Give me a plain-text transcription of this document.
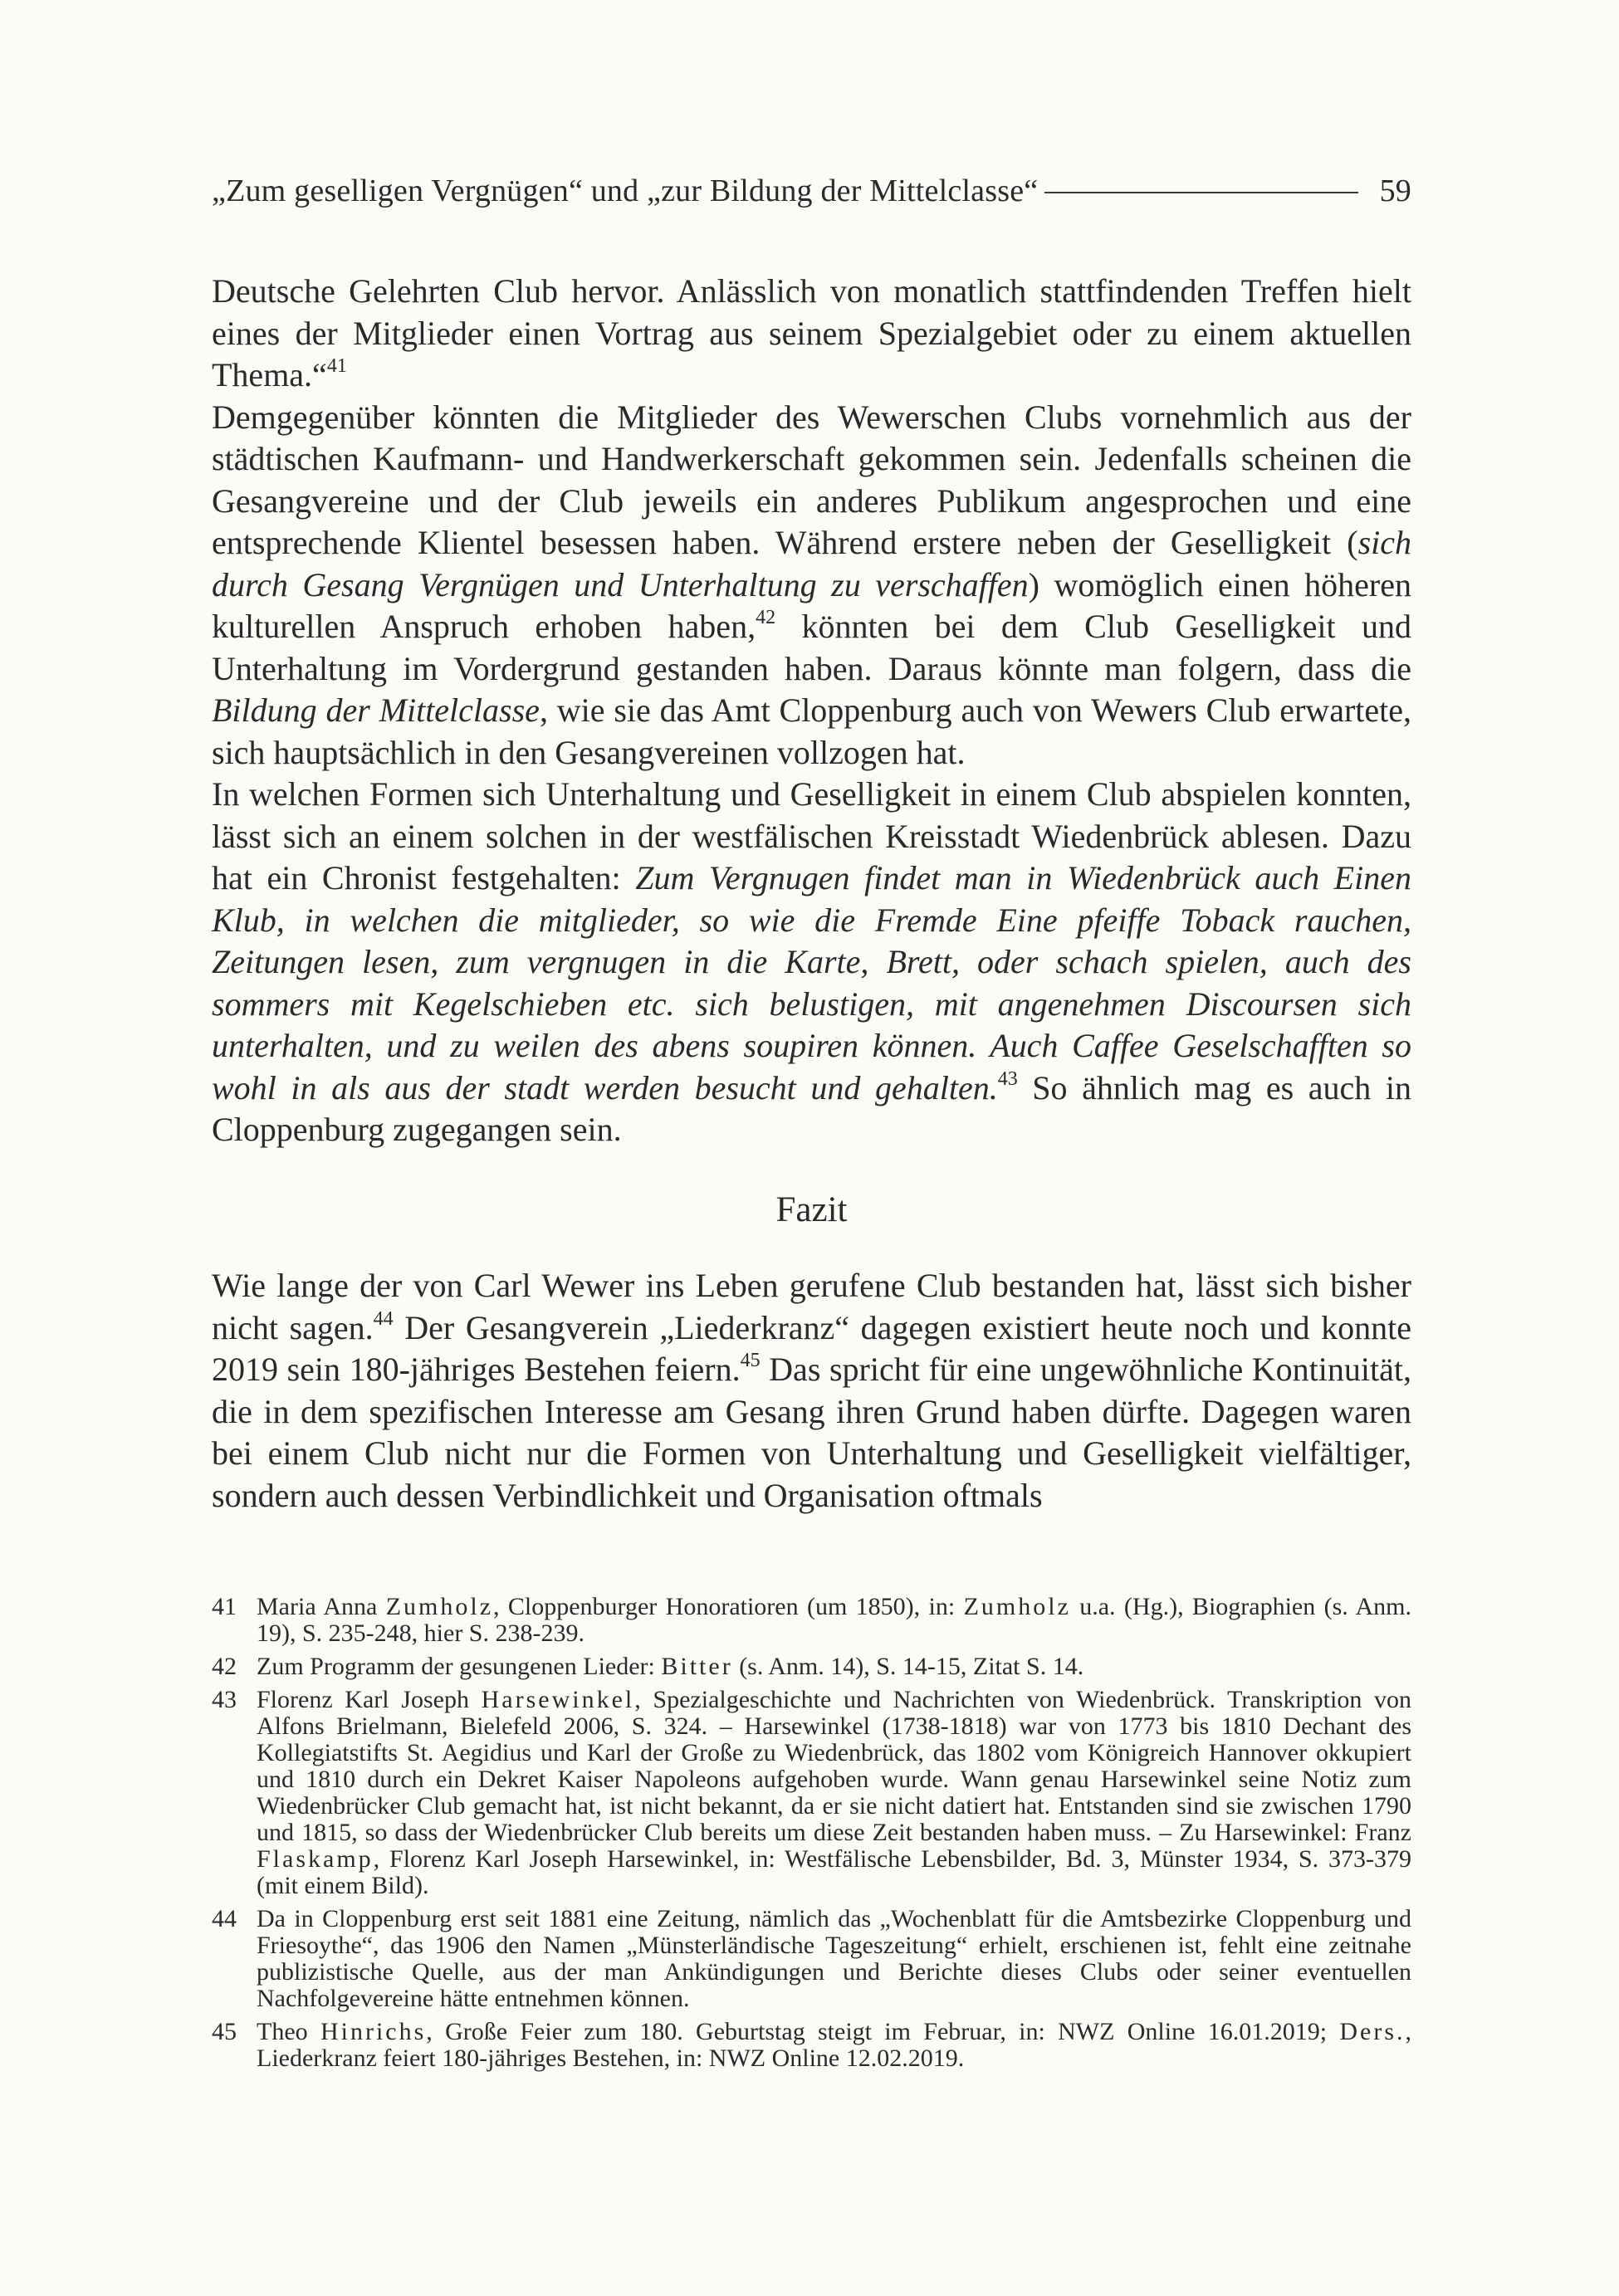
„Zum geselligen Vergnügen“ und „zur Bildung der Mittelclasse“	59

Deutsche Gelehrten Club hervor. Anlässlich von monatlich stattfindenden Treffen hielt eines der Mitglieder einen Vortrag aus seinem Spezialgebiet oder zu einem aktuellen Thema.“$^{41}$

Demgegenüber könnten die Mitglieder des Wewerschen Clubs vornehmlich aus der städtischen Kaufmann- und Handwerkerschaft gekommen sein. Jedenfalls scheinen die Gesangvereine und der Club jeweils ein anderes Publikum angesprochen und eine entsprechende Klientel besessen haben. Während erstere neben der Geselligkeit (sich durch Gesang Vergnügen und Unterhaltung zu verschaffen) womöglich einen höheren kulturellen Anspruch erhoben haben,$^{42}$ könnten bei dem Club Geselligkeit und Unterhaltung im Vordergrund gestanden haben. Daraus könnte man folgern, dass die Bildung der Mittelclasse, wie sie das Amt Cloppenburg auch von Wewers Club erwartete, sich hauptsächlich in den Gesangvereinen vollzogen hat.

In welchen Formen sich Unterhaltung und Geselligkeit in einem Club abspielen konnten, lässt sich an einem solchen in der westfälischen Kreisstadt Wiedenbrück ablesen. Dazu hat ein Chronist festgehalten: Zum Vergnugen findet man in Wiedenbrück auch Einen Klub, in welchen die mitglieder, so wie die Fremde Eine pfeiffe Toback rauchen, Zeitungen lesen, zum vergnugen in die Karte, Brett, oder schach spielen, auch des sommers mit Kegelschieben etc. sich belustigen, mit angenehmen Discoursen sich unterhalten, und zu weilen des abens soupiren können. Auch Caffee Geselschafften so wohl in als aus der stadt werden besucht und gehalten.$^{43}$ So ähnlich mag es auch in Cloppenburg zugegangen sein.

Fazit

Wie lange der von Carl Wewer ins Leben gerufene Club bestanden hat, lässt sich bisher nicht sagen.$^{44}$ Der Gesangverein „Liederkranz“ dagegen existiert heute noch und konnte 2019 sein 180-jähriges Bestehen feiern.$^{45}$ Das spricht für eine ungewöhnliche Kontinuität, die in dem spezifischen Interesse am Gesang ihren Grund haben dürfte. Dagegen waren bei einem Club nicht nur die Formen von Unterhaltung und Geselligkeit vielfältiger, sondern auch dessen Verbindlichkeit und Organisation oftmals

41 Maria Anna Zumholz, Cloppenburger Honoratioren (um 1850), in: Zumholz u.a. (Hg.), Biographien (s. Anm. 19), S. 235-248, hier S. 238-239.
42 Zum Programm der gesungenen Lieder: Bitter (s. Anm. 14), S. 14-15, Zitat S. 14.
43 Florenz Karl Joseph Harsewinkel, Spezialgeschichte und Nachrichten von Wiedenbrück. Transkription von Alfons Brielmann, Bielefeld 2006, S. 324. – Harsewinkel (1738-1818) war von 1773 bis 1810 Dechant des Kollegiatstifts St. Aegidius und Karl der Große zu Wiedenbrück, das 1802 vom Königreich Hannover okkupiert und 1810 durch ein Dekret Kaiser Napoleons aufgehoben wurde. Wann genau Harsewinkel seine Notiz zum Wiedenbrücker Club gemacht hat, ist nicht bekannt, da er sie nicht datiert hat. Entstanden sind sie zwischen 1790 und 1815, so dass der Wiedenbrücker Club bereits um diese Zeit bestanden haben muss. – Zu Harsewinkel: Franz Flaskamp, Florenz Karl Joseph Harsewinkel, in: Westfälische Lebensbilder, Bd. 3, Münster 1934, S. 373-379 (mit einem Bild).
44 Da in Cloppenburg erst seit 1881 eine Zeitung, nämlich das „Wochenblatt für die Amtsbezirke Cloppenburg und Friesoythe“, das 1906 den Namen „Münsterländische Tageszeitung“ erhielt, erschienen ist, fehlt eine zeitnahe publizistische Quelle, aus der man Ankündigungen und Berichte dieses Clubs oder seiner eventuellen Nachfolgevereine hätte entnehmen können.
45 Theo Hinrichs, Große Feier zum 180. Geburtstag steigt im Februar, in: NWZ Online 16.01.2019; Ders., Liederkranz feiert 180-jähriges Bestehen, in: NWZ Online 12.02.2019.
